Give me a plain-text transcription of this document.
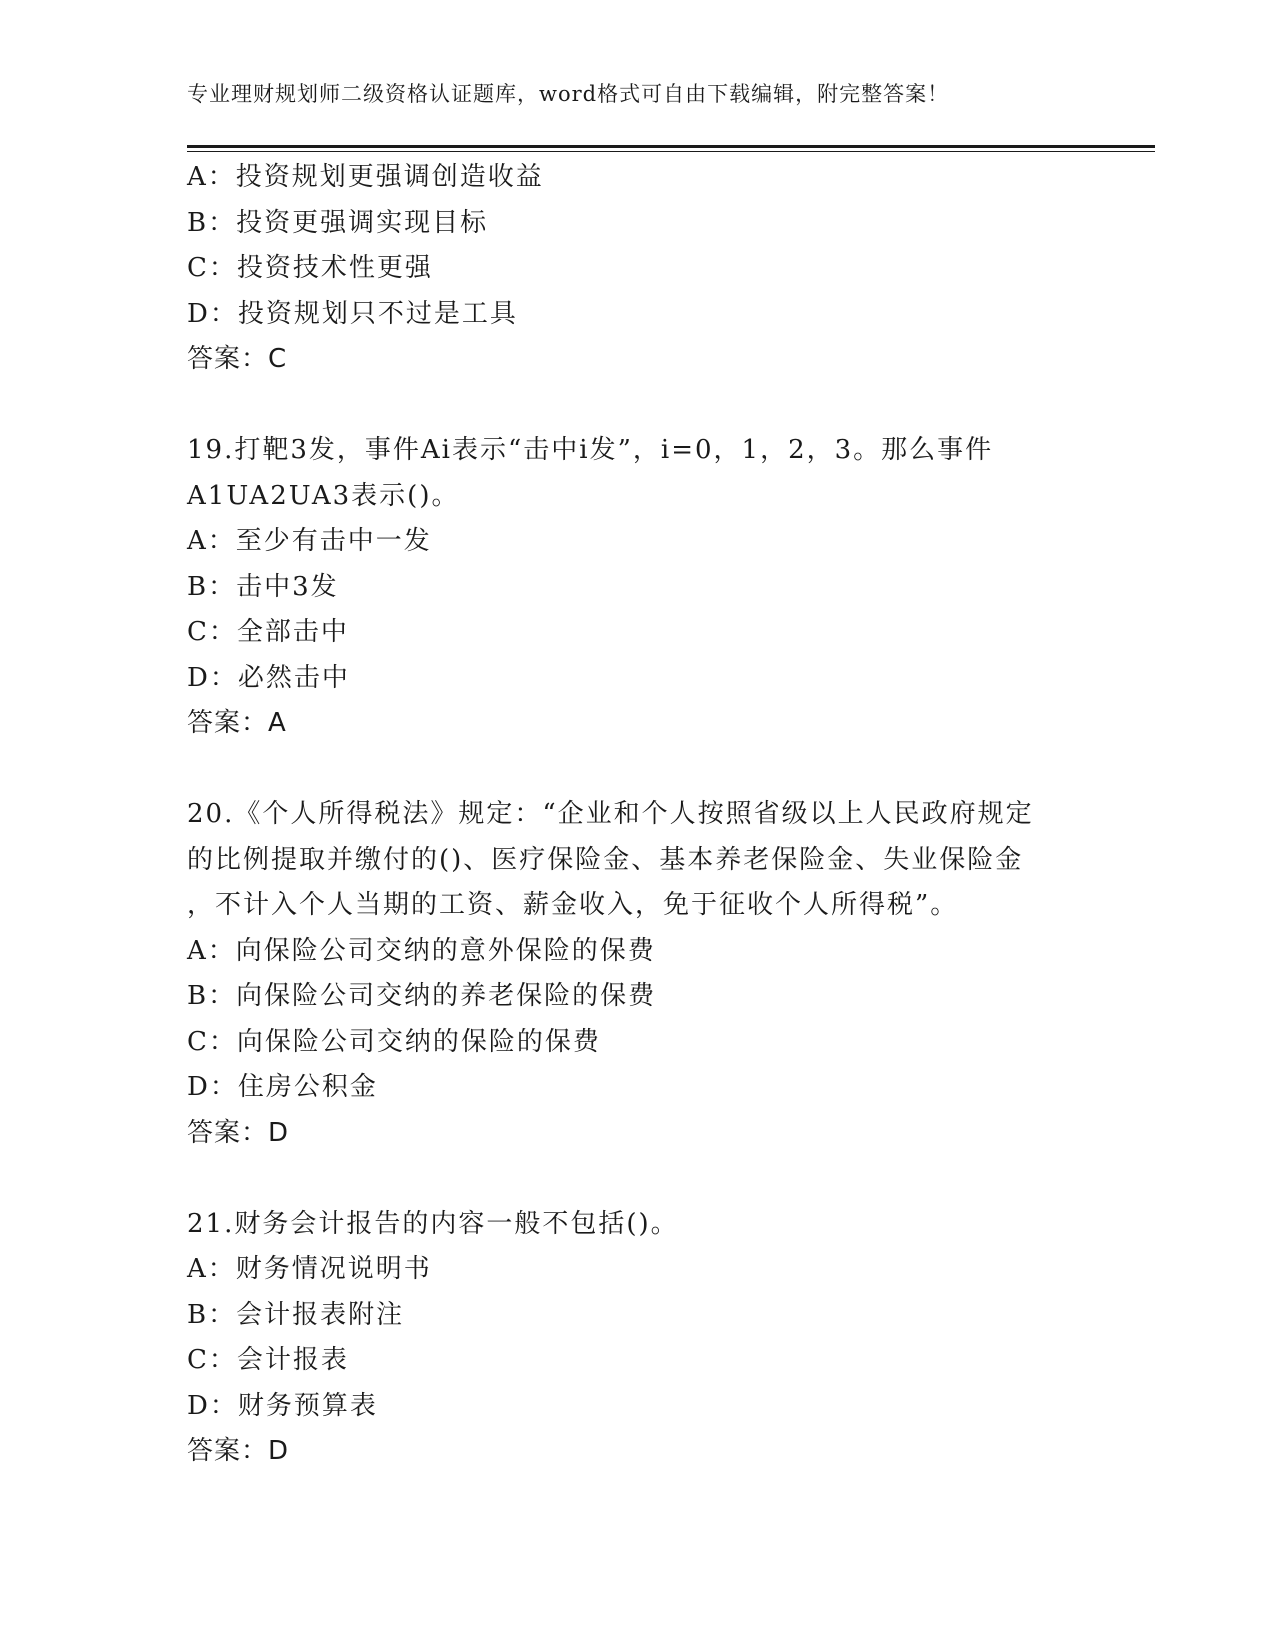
专业理财规划师二级资格认证题库，word格式可自由下载编辑，附完整答案！
A：投资规划更强调创造收益
B：投资更强调实现目标
C：投资技术性更强
D：投资规划只不过是工具
答案：C
19.打靶3发，事件Ai表示“击中i发”，i=0，1，2，3。那么事件
A1UA2UA3表示()。
A：至少有击中一发
B：击中3发
C：全部击中
D：必然击中
答案：A
20.《个人所得税法》规定：“企业和个人按照省级以上人民政府规定
的比例提取并缴付的()、医疗保险金、基本养老保险金、失业保险金
，不计入个人当期的工资、薪金收入，免于征收个人所得税”。
A：向保险公司交纳的意外保险的保费
B：向保险公司交纳的养老保险的保费
C：向保险公司交纳的保险的保费
D：住房公积金
答案：D
21.财务会计报告的内容一般不包括()。
A：财务情况说明书
B：会计报表附注
C：会计报表
D：财务预算表
答案：D
